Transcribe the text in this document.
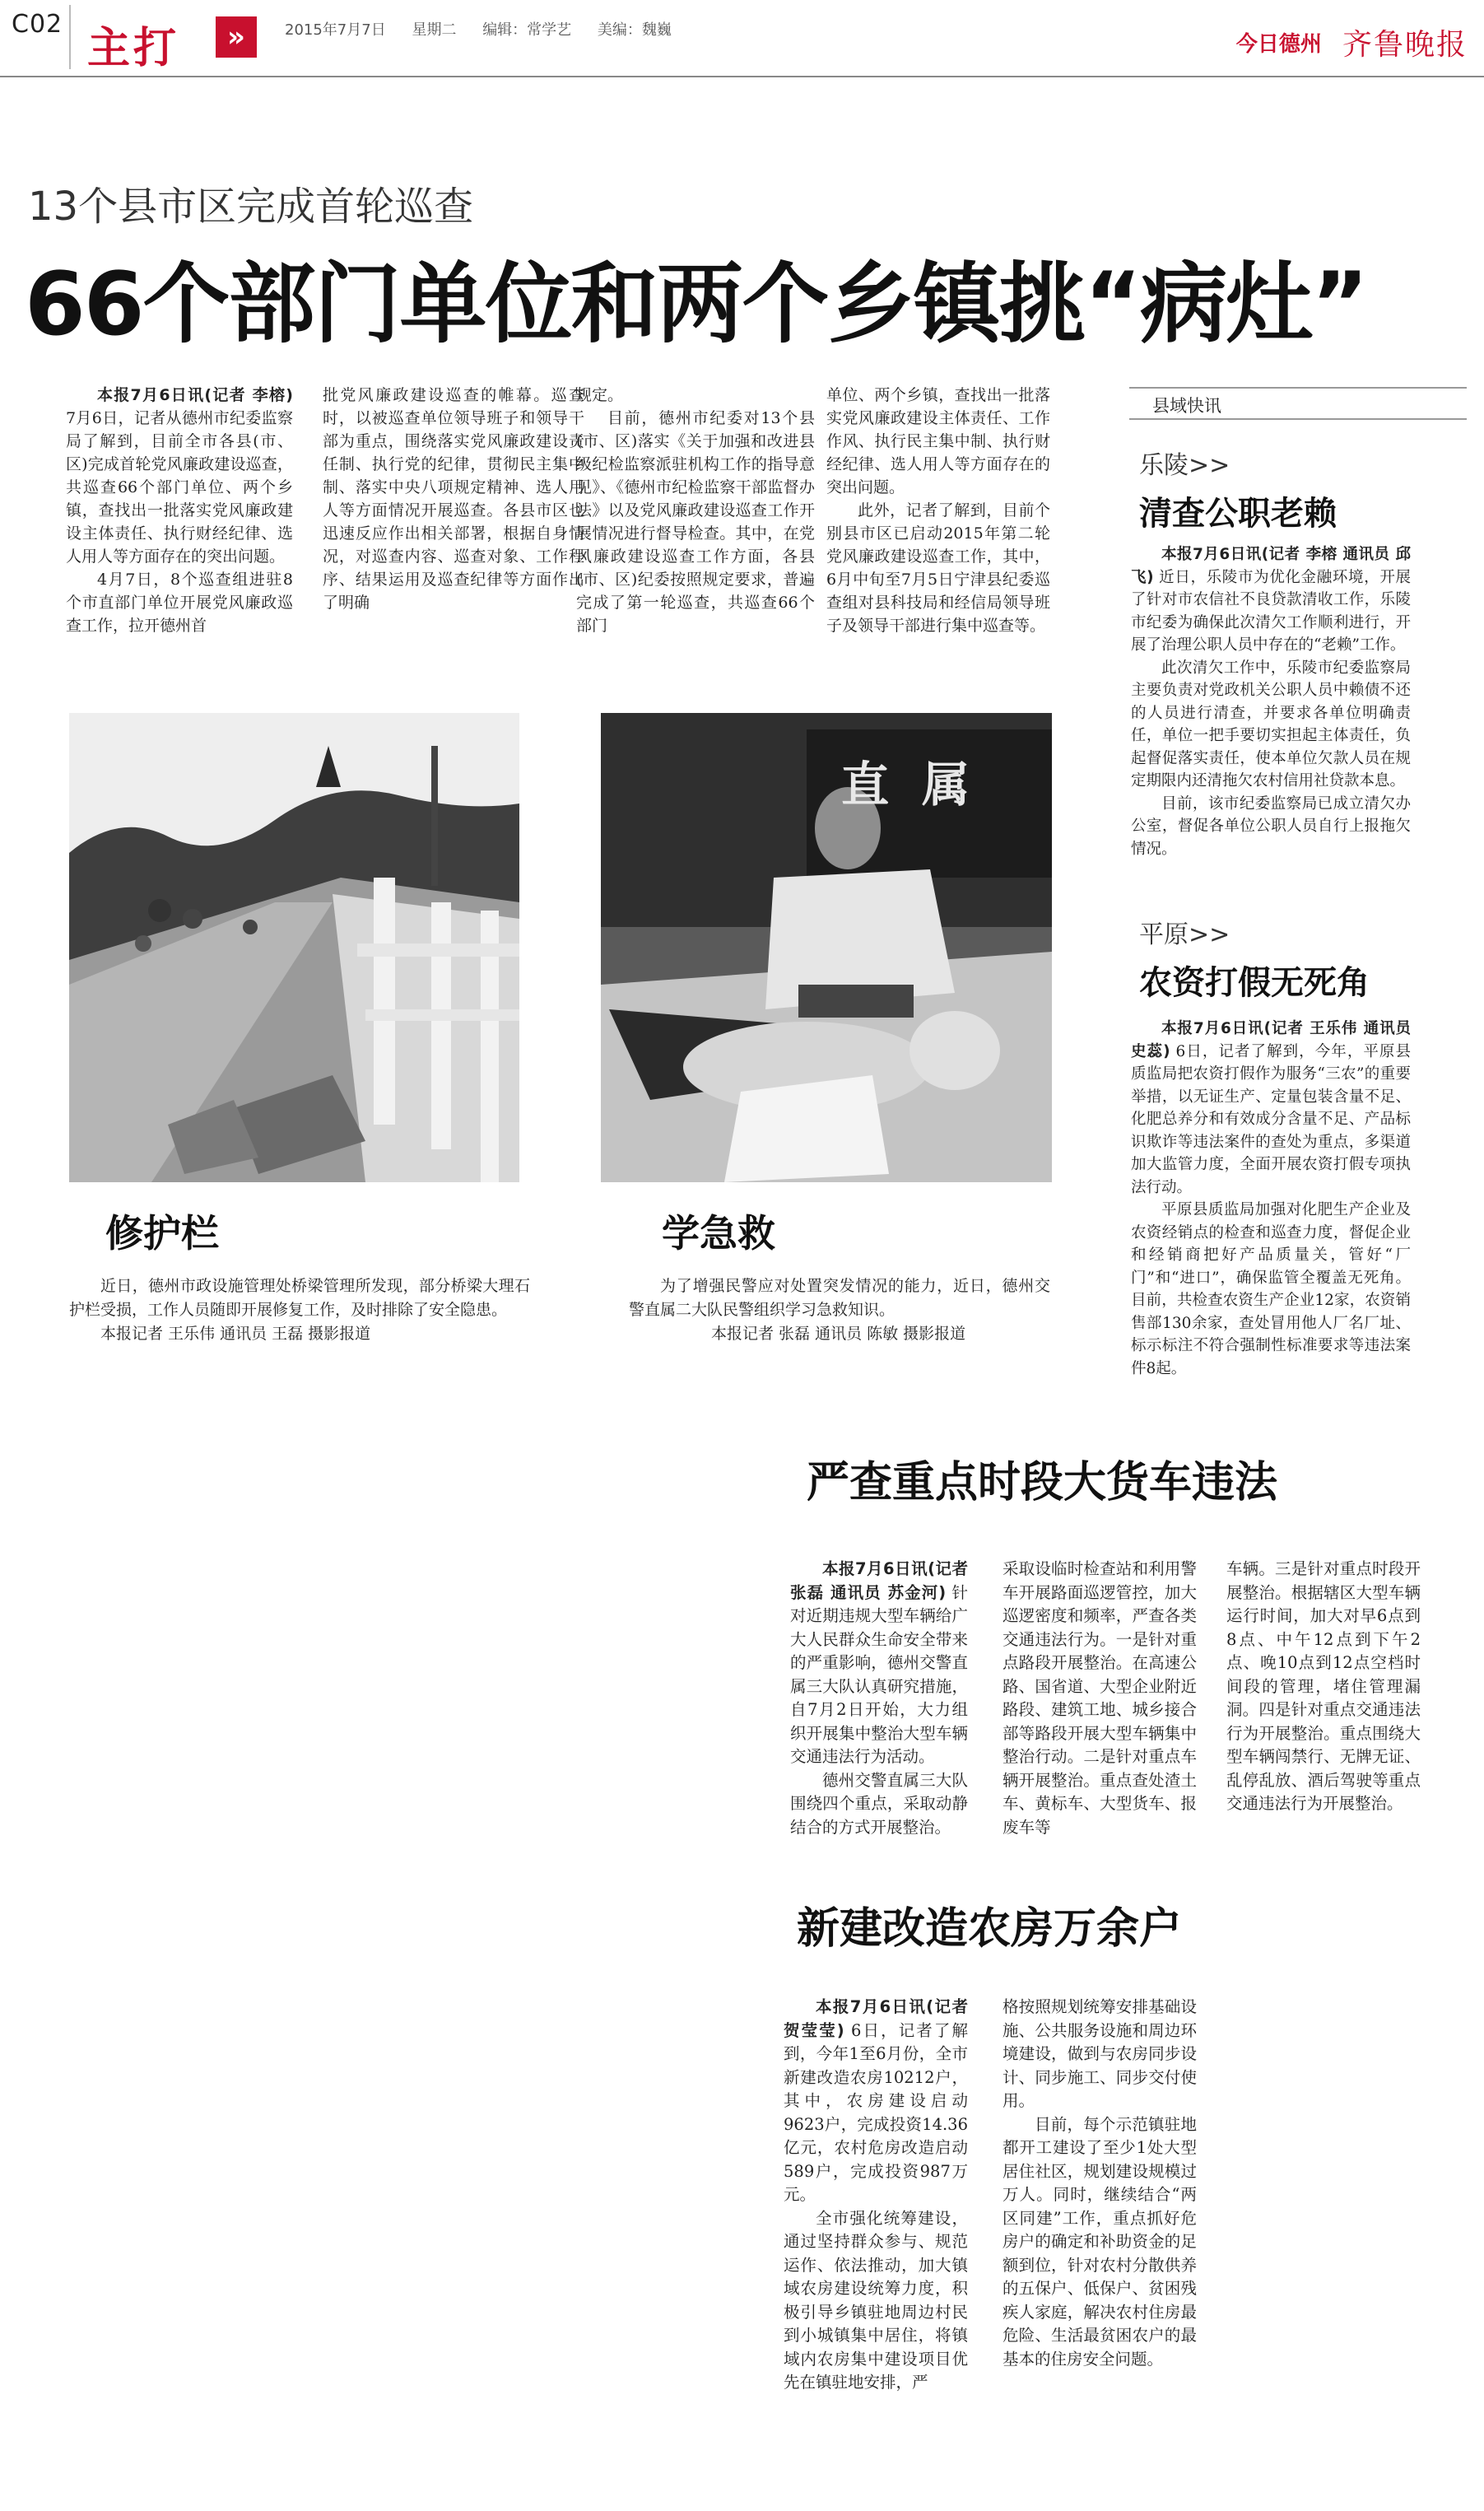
C02 主打	»	2015年7月7日 星期二 编辑：常学艺 美编：魏巍
今日德州 齐鲁晚报
13个县市区完成首轮巡查
66个部门单位和两个乡镇挑“病灶”

本报7月6日讯(记者 李榕) 7月6日，记者从德州市纪委监察局了解到，目前全市各县(市、区)完成首轮党风廉政建设巡查，共巡查66个部门单位、两个乡镇，查找出一批落实党风廉政建设主体责任、执行财经纪律、选人用人等方面存在的突出问题。

4月7日，8个巡查组进驻8个市直部门单位开展党风廉政巡查工作，拉开德州首

批党风廉政建设巡查的帷幕。巡查时，以被巡查单位领导班子和领导干部为重点，围绕落实党风廉政建设责任制、执行党的纪律，贯彻民主集中制、落实中央八项规定精神、选人用人等方面情况开展巡查。各县市区也迅速反应作出相关部署，根据自身情况，对巡查内容、巡查对象、工作程序、结果运用及巡查纪律等方面作出了明确

规定。

目前，德州市纪委对13个县(市、区)落实《关于加强和改进县级纪检监察派驻机构工作的指导意见》、《德州市纪检监察干部监督办法》以及党风廉政建设巡查工作开展情况进行督导检查。其中，在党风廉政建设巡查工作方面，各县(市、区)纪委按照规定要求，普遍完成了第一轮巡查，共巡查66个部门

单位、两个乡镇，查找出一批落实党风廉政建设主体责任、工作作风、执行民主集中制、执行财经纪律、选人用人等方面存在的突出问题。

此外，记者了解到，目前个别县市区已启动2015年第二轮党风廉政建设巡查工作，其中，6月中旬至7月5日宁津县纪委巡查组对县科技局和经信局领导班子及领导干部进行集中巡查等。

县域快讯
乐陵>>
清查公职老赖

本报7月6日讯(记者 李榕 通讯员 邱飞) 近日，乐陵市为优化金融环境，开展了针对市农信社不良贷款清收工作，乐陵市纪委为确保此次清欠工作顺利进行，开展了治理公职人员中存在的“老赖”工作。

此次清欠工作中，乐陵市纪委监察局主要负责对党政机关公职人员中赖债不还的人员进行清查，并要求各单位明确责任，单位一把手要切实担起主体责任，负起督促落实责任，使本单位欠款人员在规定期限内还清拖欠农村信用社贷款本息。

目前，该市纪委监察局已成立清欠办公室，督促各单位公职人员自行上报拖欠情况。

平原>>
农资打假无死角

本报7月6日讯(记者 王乐伟 通讯员 史蕊) 6日，记者了解到，今年，平原县质监局把农资打假作为服务“三农”的重要举措，以无证生产、定量包装含量不足、化肥总养分和有效成分含量不足、产品标识欺诈等违法案件的查处为重点，多渠道加大监管力度，全面开展农资打假专项执法行动。

平原县质监局加强对化肥生产企业及农资经销点的检查和巡查力度，督促企业和经销商把好产品质量关，管好“厂门”和“进口”，确保监管全覆盖无死角。目前，共检查农资生产企业12家，农资销售部130余家，查处冒用他人厂名厂址、标示标注不符合强制性标准要求等违法案件8起。

修护栏

近日，德州市政设施管理处桥梁管理所发现，部分桥梁大理石护栏受损，工作人员随即开展修复工作，及时排除了安全隐患。

本报记者 王乐伟 通讯员 王磊 摄影报道

直属
学急救

为了增强民警应对处置突发情况的能力，近日，德州交警直属二大队民警组织学习急救知识。

本报记者 张磊 通讯员 陈敏 摄影报道

严查重点时段大货车违法

本报7月6日讯(记者 张磊 通讯员 苏金河) 针对近期违规大型车辆给广大人民群众生命安全带来的严重影响，德州交警直属三大队认真研究措施，自7月2日开始，大力组织开展集中整治大型车辆交通违法行为活动。

德州交警直属三大队围绕四个重点，采取动静结合的方式开展整治。

采取设临时检查站和利用警车开展路面巡逻管控，加大巡逻密度和频率，严查各类交通违法行为。一是针对重点路段开展整治。在高速公路、国省道、大型企业附近路段、建筑工地、城乡接合部等路段开展大型车辆集中整治行动。二是针对重点车辆开展整治。重点查处渣土车、黄标车、大型货车、报废车等

车辆。三是针对重点时段开展整治。根据辖区大型车辆运行时间，加大对早6点到8点、中午12点到下午2点、晚10点到12点空档时间段的管理，堵住管理漏洞。四是针对重点交通违法行为开展整治。重点围绕大型车辆闯禁行、无牌无证、乱停乱放、酒后驾驶等重点交通违法行为开展整治。

新建改造农房万余户

本报7月6日讯(记者 贺莹莹) 6日，记者了解到，今年1至6月份，全市新建改造农房10212户，其中，农房建设启动9623户，完成投资14.36亿元，农村危房改造启动589户，完成投资987万元。

全市强化统筹建设，通过坚持群众参与、规范运作、依法推动，加大镇域农房建设统筹力度，积极引导乡镇驻地周边村民到小城镇集中居住，将镇域内农房集中建设项目优先在镇驻地安排，严

格按照规划统筹安排基础设施、公共服务设施和周边环境建设，做到与农房同步设计、同步施工、同步交付使用。

目前，每个示范镇驻地都开工建设了至少1处大型居住社区，规划建设规模过万人。同时，继续结合“两区同建”工作，重点抓好危房户的确定和补助资金的足额到位，针对农村分散供养的五保户、低保户、贫困残疾人家庭，解决农村住房最危险、生活最贫困农户的最基本的住房安全问题。
